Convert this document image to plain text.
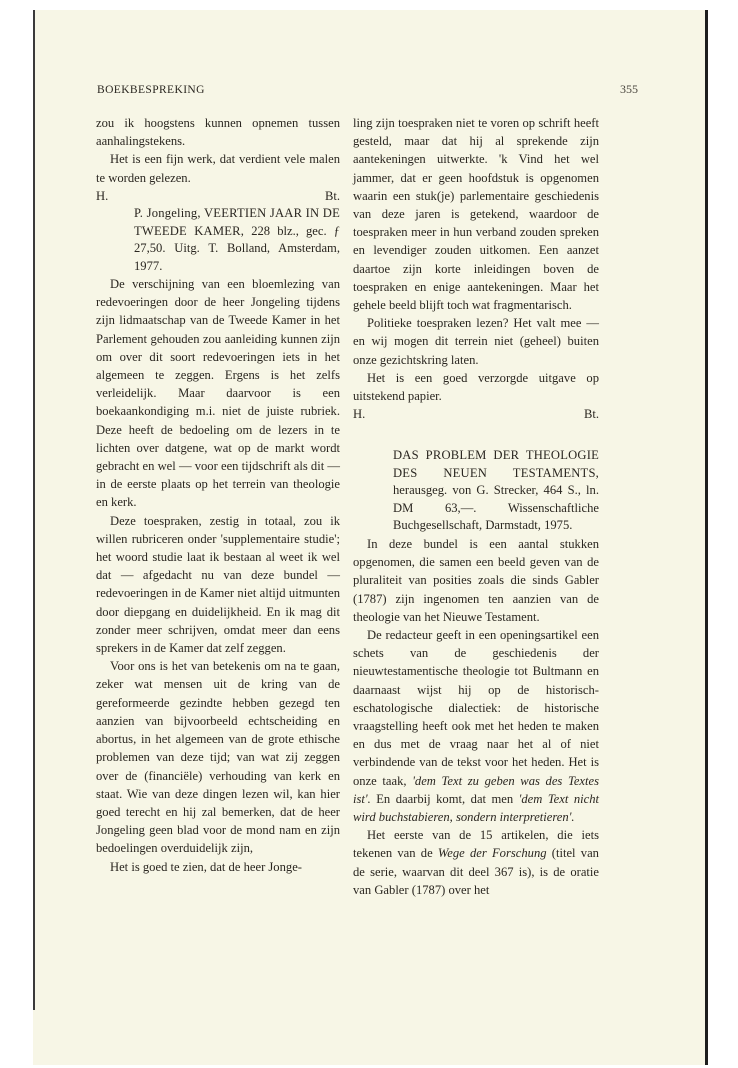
BOEKBESPREKING	355

zou ik hoogstens kunnen opnemen tussen aanhalingstekens.

Het is een fijn werk, dat verdient vele malen te worden gelezen.

H.	Bt.

P. Jongeling, VEERTIEN JAAR IN DE TWEEDE KAMER, 228 blz., gec. ƒ 27,50. Uitg. T. Bolland, Amsterdam, 1977.

De verschijning van een bloemlezing van redevoeringen door de heer Jongeling tijdens zijn lidmaatschap van de Tweede Kamer in het Parlement gehouden zou aanleiding kunnen zijn om over dit soort redevoeringen iets in het algemeen te zeggen. Ergens is het zelfs verleidelijk. Maar daarvoor is een boekaankondiging m.i. niet de juiste rubriek. Deze heeft de bedoeling om de lezers in te lichten over datgene, wat op de markt wordt gebracht en wel — voor een tijdschrift als dit — in de eerste plaats op het terrein van theologie en kerk.

Deze toespraken, zestig in totaal, zou ik willen rubriceren onder 'supplementaire studie'; het woord studie laat ik bestaan al weet ik wel dat — afgedacht nu van deze bundel — redevoeringen in de Kamer niet altijd uitmunten door diepgang en duidelijkheid. En ik mag dit zonder meer schrijven, omdat meer dan eens sprekers in de Kamer dat zelf zeggen.

Voor ons is het van betekenis om na te gaan, zeker wat mensen uit de kring van de gereformeerde gezindte hebben gezegd ten aanzien van bijvoorbeeld echtscheiding en abortus, in het algemeen van de grote ethische problemen van deze tijd; van wat zij zeggen over de (financiële) verhouding van kerk en staat. Wie van deze dingen lezen wil, kan hier goed terecht en hij zal bemerken, dat de heer Jongeling geen blad voor de mond nam en zijn bedoelingen overduidelijk zijn,

Het is goed te zien, dat de heer Jonge-

ling zijn toespraken niet te voren op schrift heeft gesteld, maar dat hij al sprekende zijn aantekeningen uitwerkte. 'k Vind het wel jammer, dat er geen hoofdstuk is opgenomen waarin een stuk(je) parlementaire geschiedenis van deze jaren is getekend, waardoor de toespraken meer in hun verband zouden spreken en levendiger zouden uitkomen. Een aanzet daartoe zijn korte inleidingen boven de toespraken en enige aantekeningen. Maar het gehele beeld blijft toch wat fragmentarisch.

Politieke toespraken lezen? Het valt mee — en wij mogen dit terrein niet (geheel) buiten onze gezichtskring laten.

Het is een goed verzorgde uitgave op uitstekend papier.

H.	Bt.

DAS PROBLEM DER THEOLOGIE DES NEUEN TESTAMENTS, herausgeg. von G. Strecker, 464 S., ln. DM 63,—. Wissenschaftliche Buchgesellschaft, Darmstadt, 1975.

In deze bundel is een aantal stukken opgenomen, die samen een beeld geven van de pluraliteit van posities zoals die sinds Gabler (1787) zijn ingenomen ten aanzien van de theologie van het Nieuwe Testament.

De redacteur geeft in een openingsartikel een schets van de geschiedenis der nieuwtestamentische theologie tot Bultmann en daarnaast wijst hij op de historisch-eschatologische dialectiek: de historische vraagstelling heeft ook met het heden te maken en dus met de vraag naar het al of niet verbindende van de tekst voor het heden. Het is onze taak, 'dem Text zu geben was des Textes ist'. En daarbij komt, dat men 'dem Text nicht wird buchstabieren, sondern interpretieren'.

Het eerste van de 15 artikelen, die iets tekenen van de Wege der Forschung (titel van de serie, waarvan dit deel 367 is), is de oratie van Gabler (1787) over het
